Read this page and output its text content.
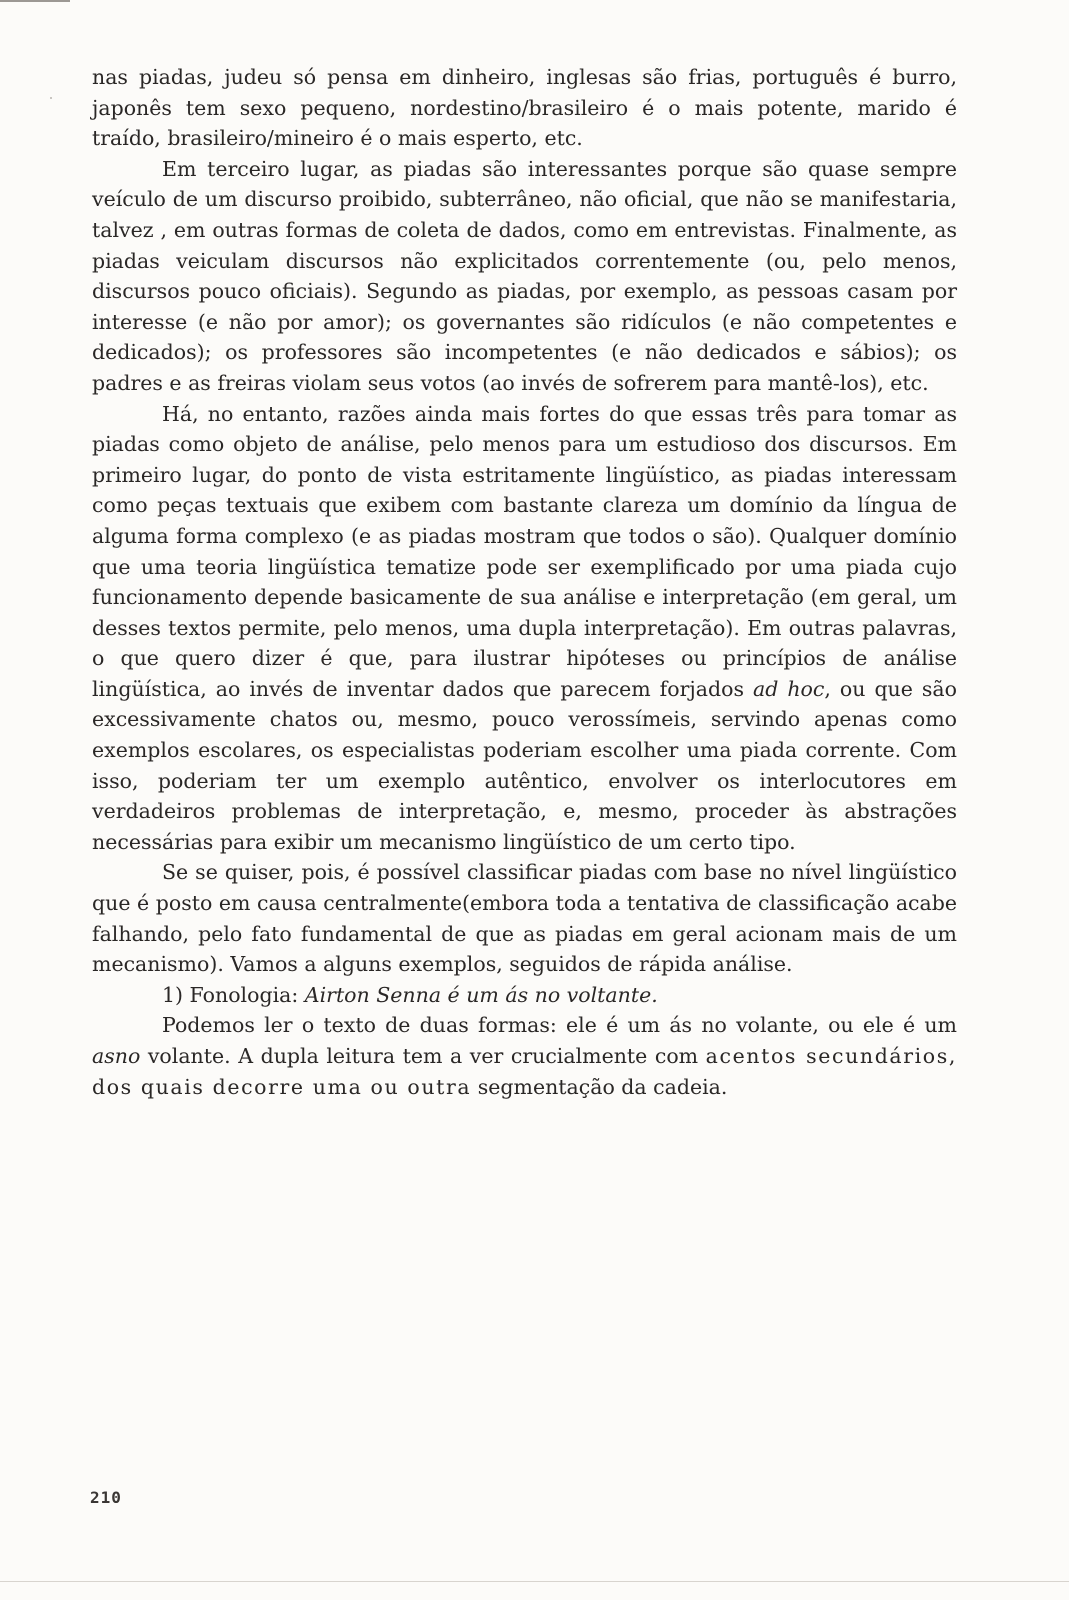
nas piadas, judeu só pensa em dinheiro, inglesas são frias, português é burro, japonês tem sexo pequeno, nordestino/brasileiro é o mais potente, marido é traído, brasileiro/mineiro é o mais esperto, etc.

Em terceiro lugar, as piadas são interessantes porque são quase sempre veículo de um discurso proibido, subterrâneo, não oficial, que não se manifestaria, talvez , em outras formas de coleta de dados, como em entrevistas. Finalmente, as piadas veiculam discursos não explicitados correntemente (ou, pelo menos, discursos pouco oficiais). Segundo as piadas, por exemplo, as pessoas casam por interesse (e não por amor); os governantes são ridículos (e não competentes e dedicados); os professores são incompetentes (e não dedicados e sábios); os padres e as freiras violam seus votos (ao invés de sofrerem para mantê-los), etc.

Há, no entanto, razões ainda mais fortes do que essas três para tomar as piadas como objeto de análise, pelo menos para um estudioso dos discursos. Em primeiro lugar, do ponto de vista estritamente lingüístico, as piadas interessam como peças textuais que exibem com bastante clareza um domínio da língua de alguma forma complexo (e as piadas mostram que todos o são). Qualquer domínio que uma teoria lingüística tematize pode ser exemplificado por uma piada cujo funcionamento depende basicamente de sua análise e interpretação (em geral, um desses textos permite, pelo menos, uma dupla interpretação). Em outras palavras, o que quero dizer é que, para ilustrar hipóteses ou princípios de análise lingüística, ao invés de inventar dados que parecem forjados ad hoc, ou que são excessivamente chatos ou, mesmo, pouco verossímeis, servindo apenas como exemplos escolares, os especialistas poderiam escolher uma piada corrente. Com isso, poderiam ter um exemplo autêntico, envolver os interlocutores em verdadeiros problemas de interpretação, e, mesmo, proceder às abstrações necessárias para exibir um mecanismo lingüístico de um certo tipo.

Se se quiser, pois, é possível classificar piadas com base no nível lingüístico que é posto em causa centralmente(embora toda a tentativa de classificação acabe falhando, pelo fato fundamental de que as piadas em geral acionam mais de um mecanismo). Vamos a alguns exemplos, seguidos de rápida análise.

1) Fonologia: Airton Senna é um ás no voltante.

Podemos ler o texto de duas formas: ele é um ás no volante, ou ele é um asno volante. A dupla leitura tem a ver crucialmente com acentos secundários, dos quais decorre uma ou outra segmentação da cadeia.

210
